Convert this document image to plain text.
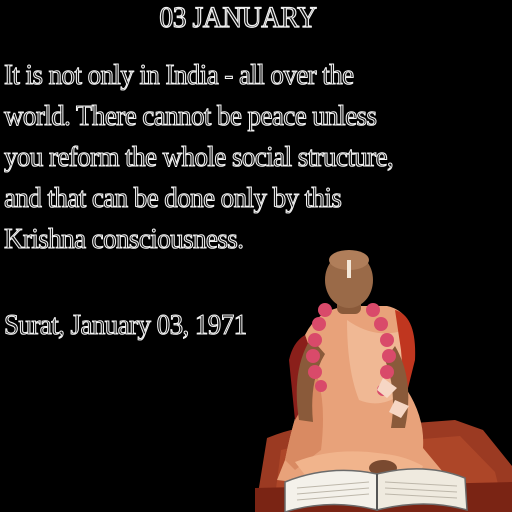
03 JANUARY
It is not only in India - all over the
world. There cannot be peace unless
you reform the whole social structure,
and that can be done only by this
Krishna consciousness.
Surat, January 03, 1971
